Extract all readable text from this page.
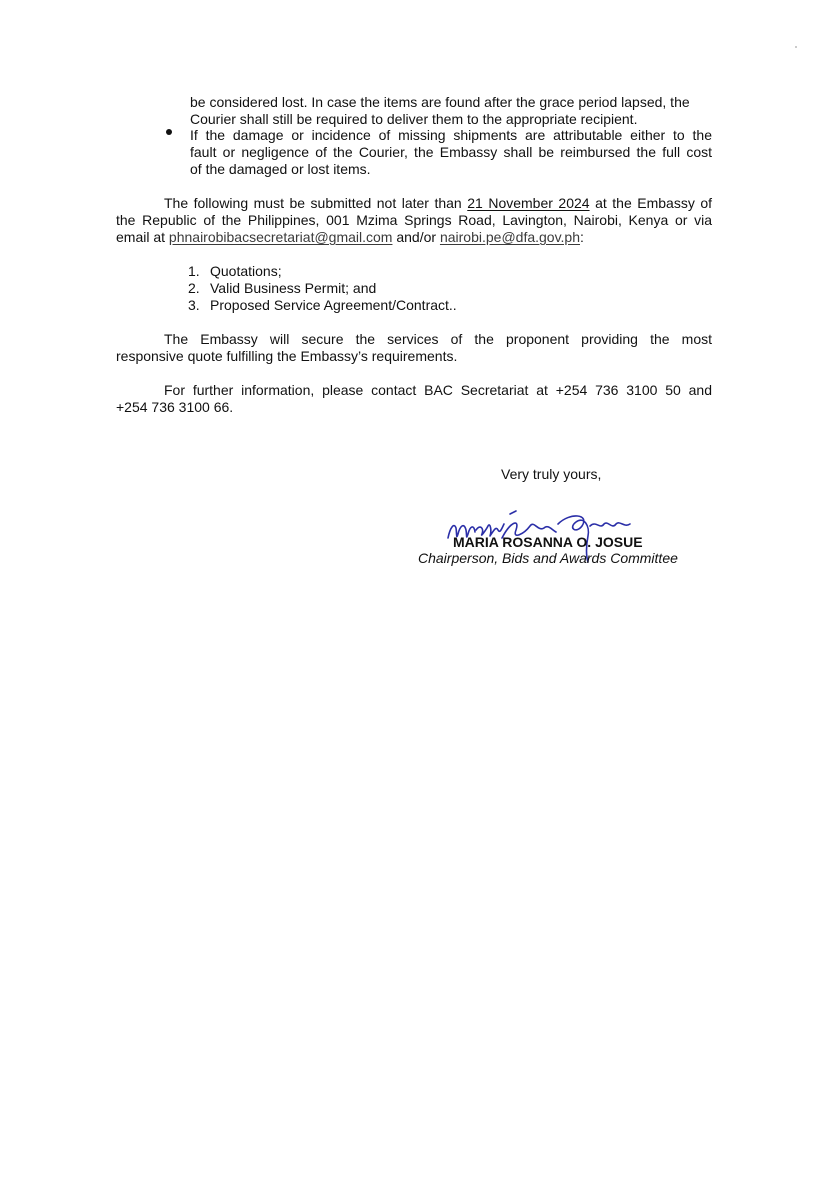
be considered lost. In case the items are found after the grace period lapsed, the
Courier shall still be required to deliver them to the appropriate recipient.
If the damage or incidence of missing shipments are attributable either to the
fault or negligence of the Courier, the Embassy shall be reimbursed the full cost
of the damaged or lost items.
The following must be submitted not later than 21 November 2024 at the Embassy of
the Republic of the Philippines, 001 Mzima Springs Road, Lavington, Nairobi, Kenya or via
email at phnairobibacsecretariat@gmail.com and/or nairobi.pe@dfa.gov.ph:
1. Quotations;
2. Valid Business Permit; and
3. Proposed Service Agreement/Contract..
The Embassy will secure the services of the proponent providing the most
responsive quote fulfilling the Embassy’s requirements.
For further information, please contact BAC Secretariat at +254 736 3100 50 and
+254 736 3100 66.
Very truly yours,
MARIA ROSANNA O. JOSUE
Chairperson, Bids and Awards Committee
